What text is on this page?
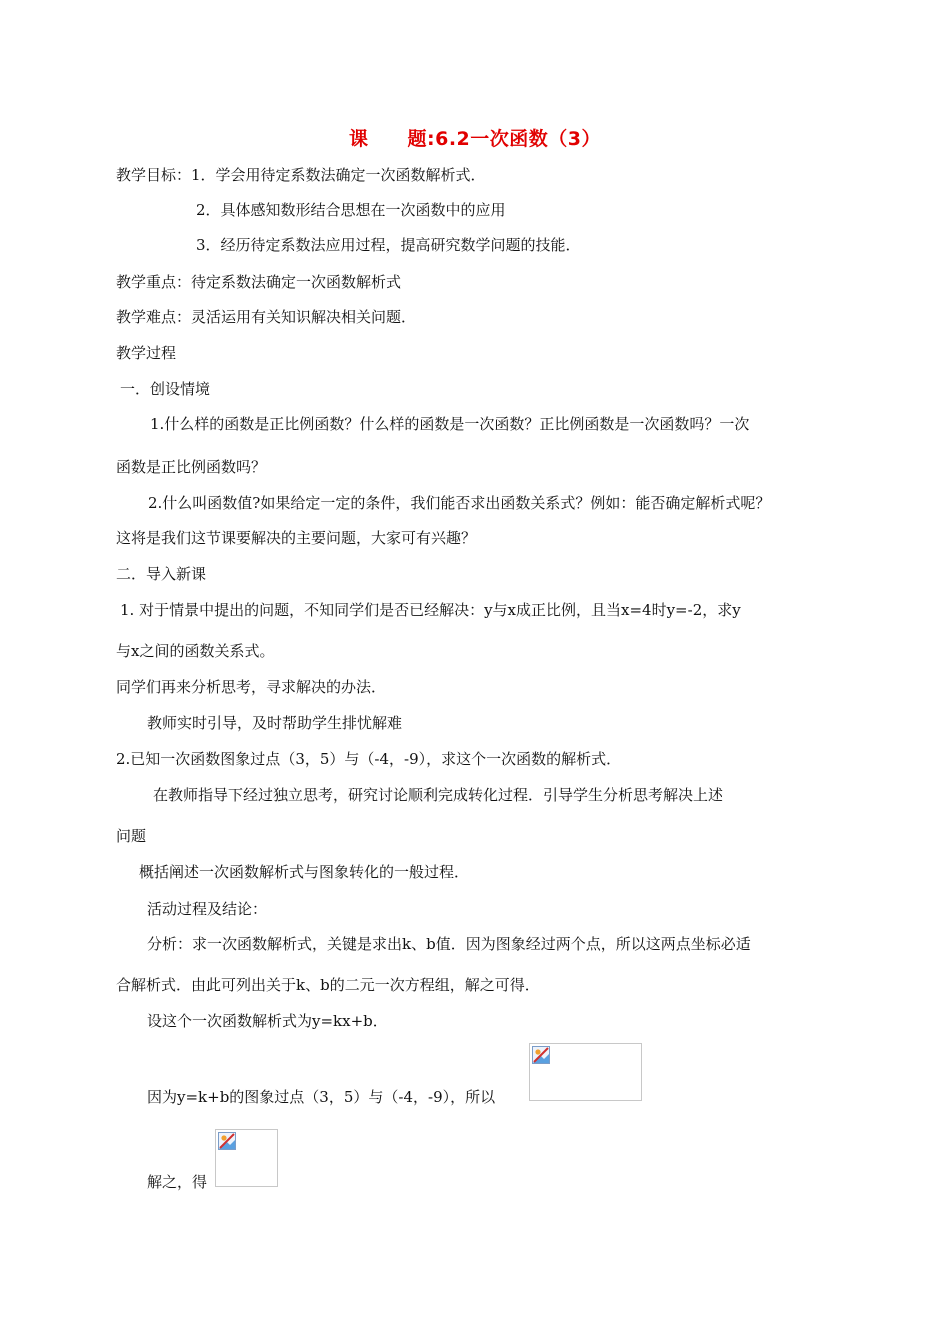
课　　题:6.2一次函数（3）
教学目标：1．学会用待定系数法确定一次函数解析式．
2．具体感知数形结合思想在一次函数中的应用
3．经历待定系数法应用过程，提高研究数学问题的技能．
教学重点：待定系数法确定一次函数解析式
教学难点：灵活运用有关知识解决相关问题．
教学过程
一．创设情境
1.什么样的函数是正比例函数？什么样的函数是一次函数？正比例函数是一次函数吗？一次
函数是正比例函数吗？
2.什么叫函数值?如果给定一定的条件，我们能否求出函数关系式？例如：能否确定解析式呢？
这将是我们这节课要解决的主要问题，大家可有兴趣？
二．导入新课
1. 对于情景中提出的问题，不知同学们是否已经解决：y与x成正比例，且当x=4时y=-2，求y
与x之间的函数关系式。
同学们再来分析思考，寻求解决的办法．
教师实时引导，及时帮助学生排忧解难
2.已知一次函数图象过点（3，5）与（-4，-9），求这个一次函数的解析式．
在教师指导下经过独立思考，研究讨论顺利完成转化过程．引导学生分析思考解决上述
问题
概括阐述一次函数解析式与图象转化的一般过程．
活动过程及结论：
分析：求一次函数解析式，关键是求出k、b值．因为图象经过两个点，所以这两点坐标必适
合解析式．由此可列出关于k、b的二元一次方程组，解之可得．
设这个一次函数解析式为y=kx+b．
因为y=k+b的图象过点（3，5）与（-4，-9），所以
解之，得
